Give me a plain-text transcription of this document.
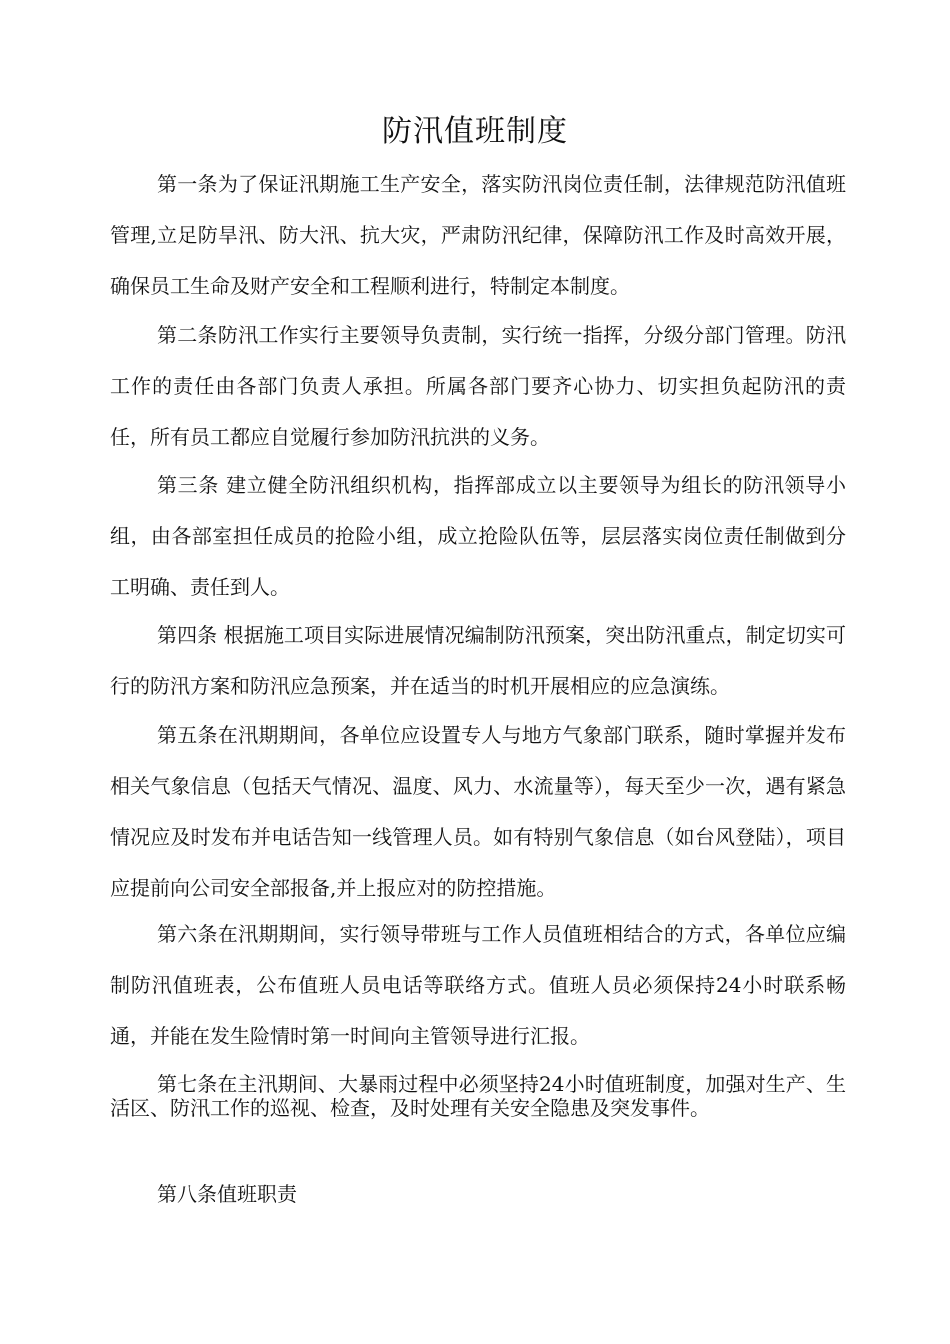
防汛值班制度

第一条为了保证汛期施工生产安全，落实防汛岗位责任制，法律规范防汛值班管理,立足防旱汛、防大汛、抗大灾，严肃防汛纪律，保障防汛工作及时高效开展，确保员工生命及财产安全和工程顺利进行，特制定本制度。

第二条防汛工作实行主要领导负责制，实行统一指挥，分级分部门管理。防汛工作的责任由各部门负责人承担。所属各部门要齐心协力、切实担负起防汛的责任，所有员工都应自觉履行参加防汛抗洪的义务。

第三条 建立健全防汛组织机构，指挥部成立以主要领导为组长的防汛领导小组，由各部室担任成员的抢险小组，成立抢险队伍等，层层落实岗位责任制做到分工明确、责任到人。

第四条 根据施工项目实际进展情况编制防汛预案，突出防汛重点，制定切实可行的防汛方案和防汛应急预案，并在适当的时机开展相应的应急演练。

第五条在汛期期间，各单位应设置专人与地方气象部门联系，随时掌握并发布相关气象信息（包括天气情况、温度、风力、水流量等），每天至少一次，遇有紧急情况应及时发布并电话告知一线管理人员。如有特别气象信息（如台风登陆），项目应提前向公司安全部报备,并上报应对的防控措施。

第六条在汛期期间，实行领导带班与工作人员值班相结合的方式，各单位应编制防汛值班表，公布值班人员电话等联络方式。值班人员必须保持24小时联系畅通，并能在发生险情时第一时间向主管领导进行汇报。

第七条在主汛期间、大暴雨过程中必须坚持24小时值班制度，加强对生产、生活区、防汛工作的巡视、检查，及时处理有关安全隐患及突发事件。

第八条值班职责
